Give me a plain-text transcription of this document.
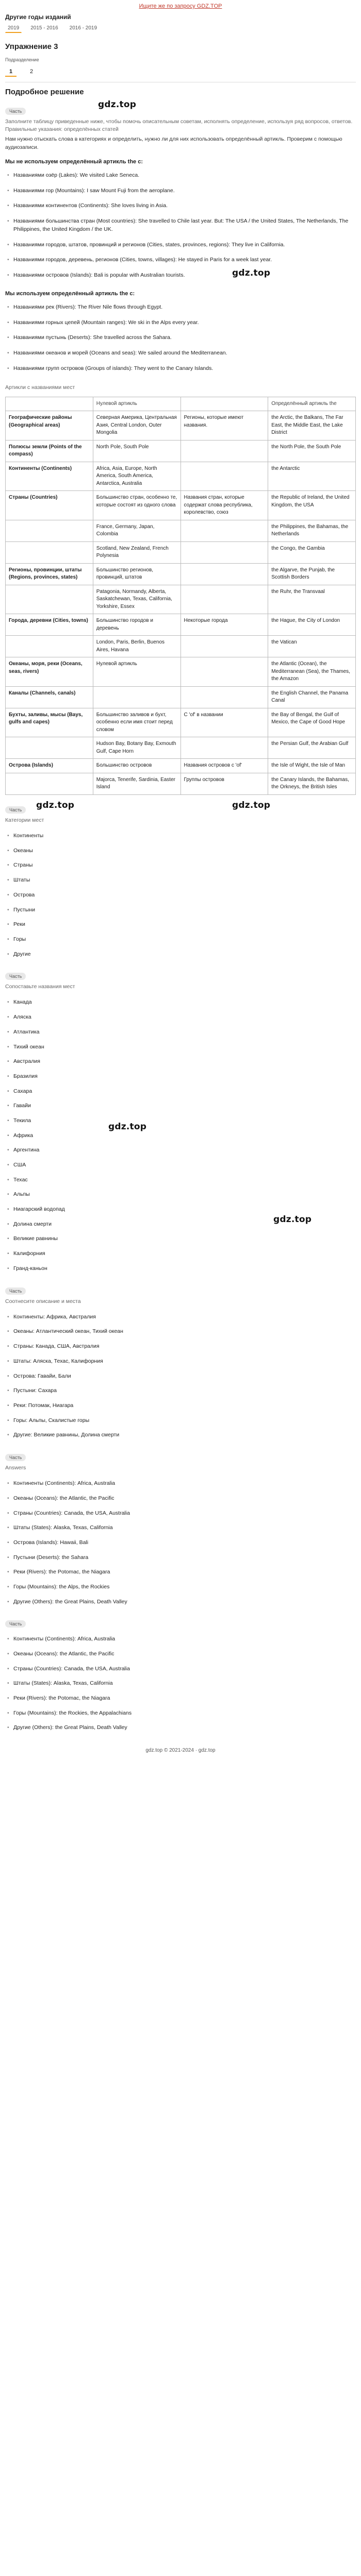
Ищите же по запросу GDZ.TOP
Другие годы изданий
2019	2015 - 2016	2016 - 2019
Упражнение 3
Подразделение
1	2
Подробное решение
gdz.top
Часть

Заполните таблицу приведенные ниже, чтобы помочь описательным советам, исполнять определение, используя ряд вопросов, ответов. Правильные указания: определённых статей

Нам нужно отыскать слова в категориях и определить, нужно ли для них использовать определённый артикль. Проверим с помощью аудиозаписи.

Мы не используем определённый артикль the с:

• Названиями озёр (Lakes): We visited Lake Seneca.
• Названиями гор (Mountains): I saw Mount Fuji from the aeroplane.
• Названиями континентов (Continents): She loves living in Asia.
• Названиями большинства стран (Most countries): She travelled to Chile last year. But: The USA / the United States, The Netherlands, The Philippines, the United Kingdom / the UK.
• Названиями городов, штатов, провинций и регионов (Cities, states, provinces, regions): They live in California.
• Названиями городов, деревень, регионов (Cities, towns, villages): He stayed in Paris for a week last year.
• Названиями островов (Islands): Bali is popular with Australian tourists.	gdz.top

Мы используем определённый артикль the с:

• Названиями рек (Rivers): The River Nile flows through Egypt.
• Названиями горных цепей (Mountain ranges): We ski in the Alps every year.
• Названиями пустынь (Deserts): She travelled across the Sahara.
• Названиями океанов и морей (Oceans and seas): We sailed around the Mediterranean.
• Названиями групп островов (Groups of islands): They went to the Canary Islands.

Артикли с названиями мест

	Нулевой артикль		Определённый артикль the
Географические районы (Geographical areas)	Северная Америка, Центральная Азия, Central London, Outer Mongolia	Регионы, которые имеют названия.	the Arctic, the Balkans, The Far East, the Middle East, the Lake District
Полюсы земли (Points of the compass)	North Pole, South Pole		the North Pole, the South Pole
Континенты (Continents)	Africa, Asia, Europe, North America, South America, Antarctica, Australia		the Antarctic
Страны (Countries)	Большинство стран, особенно те, которые состоят из одного слова	Названия стран, которые содержат слова республика, королевство, союз	the Republic of Ireland, the United Kingdom, the USA
	France, Germany, Japan, Colombia		the Philippines, the Bahamas, the Netherlands
	Scotland, New Zealand, French Polynesia		the Congo, the Gambia
Регионы, провинции, штаты (Regions, provinces, states)	Большинство регионов, провинций, штатов		the Algarve, the Punjab, the Scottish Borders
	Patagonia, Normandy, Alberta, Saskatchewan, Texas, California, Yorkshire, Essex		the Ruhr, the Transvaal
Города, деревни (Cities, towns)	Большинство городов и деревень	Некоторые города	the Hague, the City of London
	London, Paris, Berlin, Buenos Aires, Havana		the Vatican
Океаны, моря, реки (Oceans, seas, rivers)	Нулевой артикль		the Atlantic (Ocean), the Mediterranean (Sea), the Thames, the Amazon
Каналы (Channels, canals)			the English Channel, the Panama Canal
Бухты, заливы, мысы (Bays, gulfs and capes)	Большинство заливов и бухт, особенно если имя стоит перед словом	С 'of' в названии	the Bay of Bengal, the Gulf of Mexico, the Cape of Good Hope
	Hudson Bay, Botany Bay, Exmouth Gulf, Cape Horn		the Persian Gulf, the Arabian Gulf
Острова (Islands)	Большинство островов	Названия островов с 'of'	the Isle of Wight, the Isle of Man
	Majorca, Tenerife, Sardinia, Easter Island	Группы островов	the Canary Islands, the Bahamas, the Orkneys, the British Isles
gdz.top	gdz.top
Часть

Категории мест

• Континенты
• Океаны
• Страны
• Штаты
• Острова
• Пустыни
• Реки
• Горы
• Другие
Часть

Сопоставьте названия мест

• Канада
• Аляска
• Атлантика
• Тихий океан
• Австралия
• Бразилия
• Сахара
• Гавайи
• Текила
• Африка
• Аргентина
• США
• Техас
• Альпы
• Ниагарский водопад
• Долина смерти
• Великие равнины
• Калифорния
• Гранд-каньон
gdz.top
gdz.top
Часть

Соотнесите описание и места

• Континенты: Африка, Австралия
• Океаны: Атлантический океан, Тихий океан
• Страны: Канада, США, Австралия
• Штаты: Аляска, Техас, Калифорния
• Острова: Гавайи, Бали
• Пустыни: Сахара
• Реки: Потомак, Ниагара
• Горы: Альпы, Скалистые горы
• Другие: Великие равнины, Долина смерти
Часть

Answers

• Континенты (Continents): Africa, Australia
• Океаны (Oceans): the Atlantic, the Pacific
• Страны (Countries): Canada, the USA, Australia
• Штаты (States): Alaska, Texas, California
• Острова (Islands): Hawaii, Bali
• Пустыни (Deserts): the Sahara
• Реки (Rivers): the Potomac, the Niagara
• Горы (Mountains): the Alps, the Rockies
• Другие (Others): the Great Plains, Death Valley
Часть
• Континенты (Continents): Africa, Australia
• Океаны (Oceans): the Atlantic, the Pacific
• Страны (Countries): Canada, the USA, Australia
• Штаты (States): Alaska, Texas, California
• Реки (Rivers): the Potomac, the Niagara
• Горы (Mountains): the Rockies, the Appalachians
• Другие (Others): the Great Plains, Death Valley
gdz.top © 2021-2024 · gdz.top
